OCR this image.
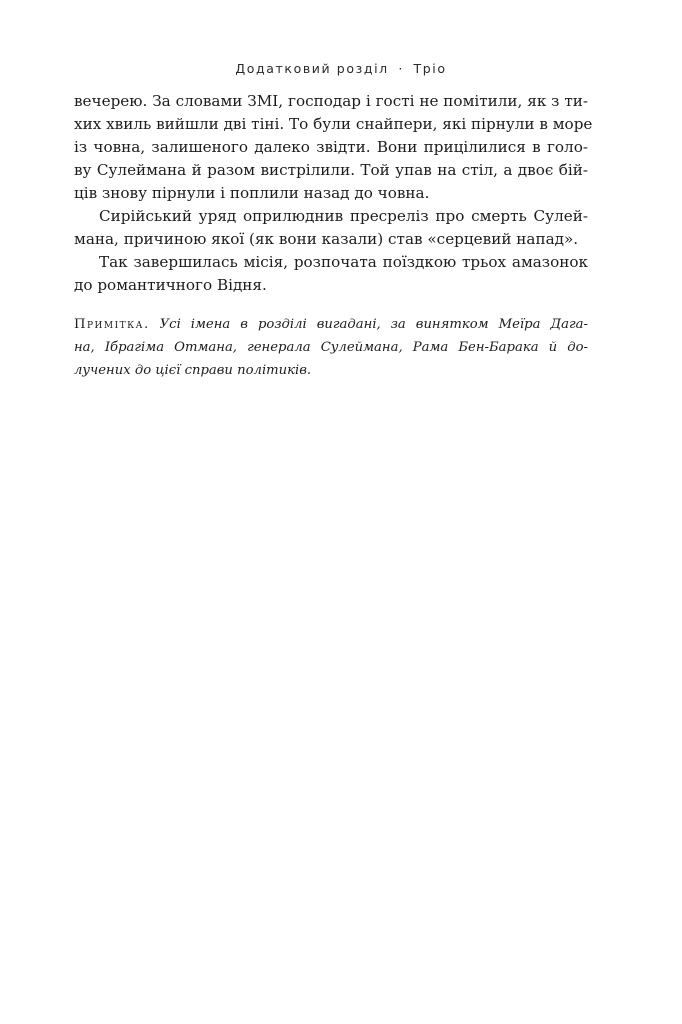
Додатковий розділ · Тріо
вечерею. За словами ЗМІ, господар і гості не помітили, як з ти-
хих хвиль вийшли дві тіні. То були снайпери, які пірнули в море
із човна, залишеного далеко звідти. Вони прицілилися в голо-
ву Сулеймана й разом вистрілили. Той упав на стіл, а двоє бій-
ців знову пірнули і поплили назад до човна.
Сирійський уряд оприлюднив пресреліз про смерть Сулей-
мана, причиною якої (як вони казали) став «серцевий напад».
Так завершилась місія, розпочата поїздкою трьох амазонок
до романтичного Відня.
Примітка. Усі імена в розділі вигадані, за винятком Меїра Дага-
на, Ібрагіма Отмана, генерала Сулеймана, Рама Бен-Барака й до-
лучених до цієї справи політиків.
